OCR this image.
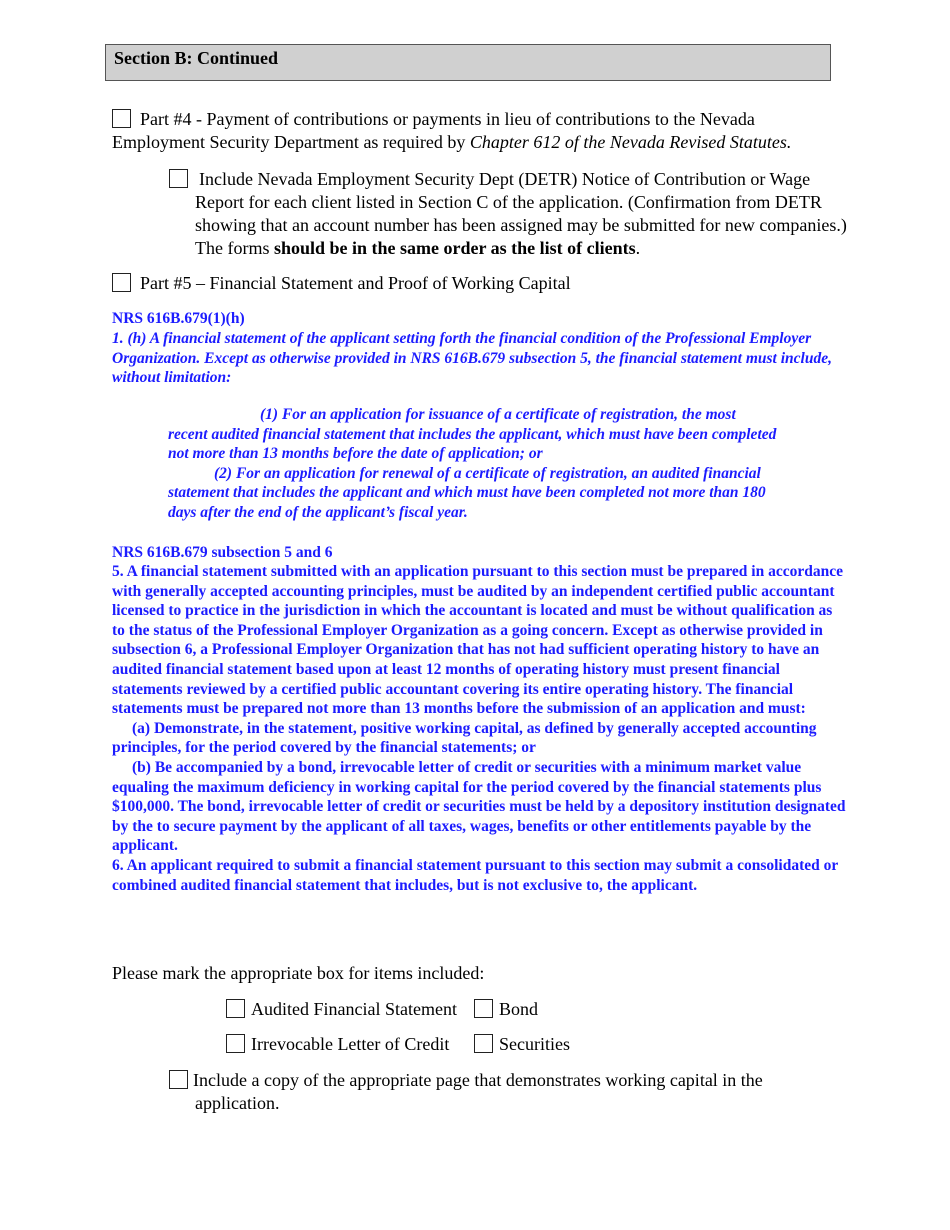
Section B: Continued
Part #4 - Payment of contributions or payments in lieu of contributions to the Nevada Employment Security Department as required by Chapter 612 of the Nevada Revised Statutes.
Include Nevada Employment Security Dept (DETR) Notice of Contribution or Wage Report for each client listed in Section C of the application. (Confirmation from DETR showing that an account number has been assigned may be submitted for new companies.) The forms should be in the same order as the list of clients.
Part #5 – Financial Statement and Proof of Working Capital
NRS 616B.679(1)(h)
1. (h) A financial statement of the applicant setting forth the financial condition of the Professional Employer Organization. Except as otherwise provided in NRS 616B.679 subsection 5, the financial statement must include, without limitation:
(1) For an application for issuance of a certificate of registration, the most recent audited financial statement that includes the applicant, which must have been completed not more than 13 months before the date of application; or
(2) For an application for renewal of a certificate of registration, an audited financial statement that includes the applicant and which must have been completed not more than 180 days after the end of the applicant’s fiscal year.
NRS 616B.679 subsection 5 and 6
5. A financial statement submitted with an application pursuant to this section must be prepared in accordance with generally accepted accounting principles, must be audited by an independent certified public accountant licensed to practice in the jurisdiction in which the accountant is located and must be without qualification as to the status of the Professional Employer Organization as a going concern. Except as otherwise provided in subsection 6, a Professional Employer Organization that has not had sufficient operating history to have an audited financial statement based upon at least 12 months of operating history must present financial statements reviewed by a certified public accountant covering its entire operating history. The financial statements must be prepared not more than 13 months before the submission of an application and must:
(a) Demonstrate, in the statement, positive working capital, as defined by generally accepted accounting principles, for the period covered by the financial statements; or
(b) Be accompanied by a bond, irrevocable letter of credit or securities with a minimum market value equaling the maximum deficiency in working capital for the period covered by the financial statements plus $100,000. The bond, irrevocable letter of credit or securities must be held by a depository institution designated by the to secure payment by the applicant of all taxes, wages, benefits or other entitlements payable by the applicant.
6. An applicant required to submit a financial statement pursuant to this section may submit a consolidated or combined audited financial statement that includes, but is not exclusive to, the applicant.
Please mark the appropriate box for items included:
Audited Financial Statement	Bond
Irrevocable Letter of Credit	Securities
Include a copy of the appropriate page that demonstrates working capital in the application.
